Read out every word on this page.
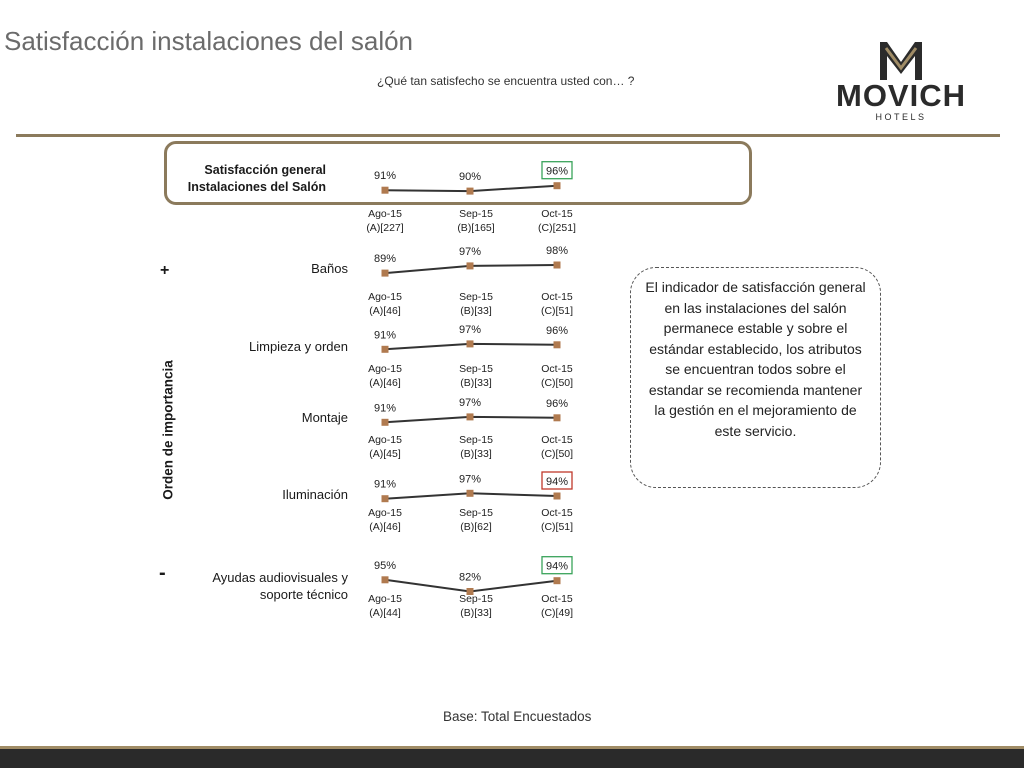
Satisfacción instalaciones del salón
¿Qué tan satisfecho se encuentra usted con… ?	MOVICH
HOTELS
Orden de importancia
+
-
Satisfacción general
Instalaciones del Salón
Baños
Limpieza y orden
Montaje
Iluminación
Ayudas audiovisuales y
soporte técnico
91%
Ago-15
(A)[227]
90%
Sep-15
(B)[165]
96%
Oct-15
(C)[251]
89%
Ago-15
(A)[46]
97%
Sep-15
(B)[33]
98%
Oct-15
(C)[51]
91%
Ago-15
(A)[46]
97%
Sep-15
(B)[33]
96%
Oct-15
(C)[50]
91%
Ago-15
(A)[45]
97%
Sep-15
(B)[33]
96%
Oct-15
(C)[50]
91%
Ago-15
(A)[46]
97%
Sep-15
(B)[62]
94%
Oct-15
(C)[51]
95%
Ago-15
(A)[44]
82%
Sep-15
(B)[33]
94%
Oct-15
(C)[49]
El indicador de satisfacción general en las instalaciones del salón permanece estable y sobre el estándar establecido, los atributos se encuentran todos sobre el estandar se recomienda mantener la gestión en el mejoramiento de este servicio.
Base: Total Encuestados
